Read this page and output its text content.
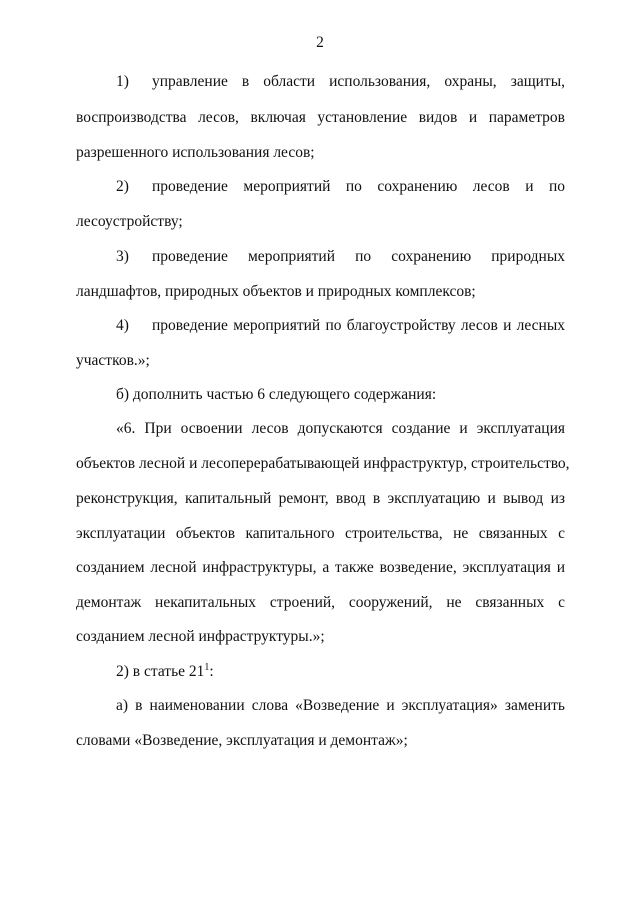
2
1) управление в области использования, охраны, защиты,
воспроизводства лесов, включая установление видов и параметров
разрешенного использования лесов;
2) проведение мероприятий по сохранению лесов и по
лесоустройству;
3) проведение мероприятий по сохранению природных
ландшафтов, природных объектов и природных комплексов;
4) проведение мероприятий по благоустройству лесов и лесных
участков.»;
б) дополнить частью 6 следующего содержания:
«6. При освоении лесов допускаются создание и эксплуатация
объектов лесной и лесоперерабатывающей инфраструктур, строительство,
реконструкция, капитальный ремонт, ввод в эксплуатацию и вывод из
эксплуатации объектов капитального строительства, не связанных с
созданием лесной инфраструктуры, а также возведение, эксплуатация и
демонтаж некапитальных строений, сооружений, не связанных с
созданием лесной инфраструктуры.»;
2) в статье $21^1$:
а) в наименовании слова «Возведение и эксплуатация» заменить
словами «Возведение, эксплуатация и демонтаж»;
